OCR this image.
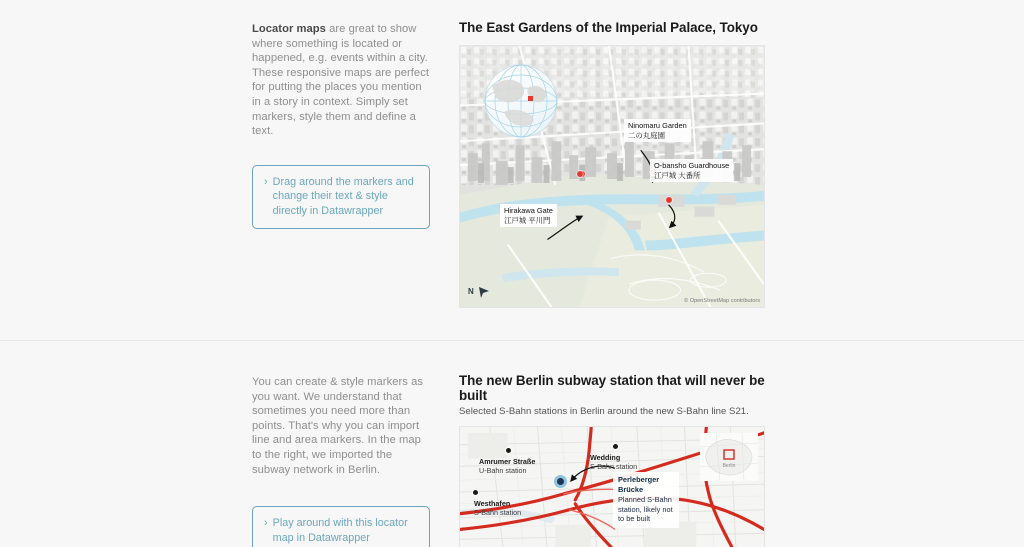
Locator maps are great to show where something is located or happened, e.g. events within a city. These responsive maps are perfect for putting the places you mention in a story in context. Simply set markers, style them and define a text.

› Drag around the markers and change their text & style directly in Datawrapper
The East Gardens of the Imperial Palace, Tokyo
Ninomaru Garden
二の丸庭園
O-bansho Guardhouse
江戸城 大番所
Hirakawa Gate
江戸城 平川門
N
© OpenStreetMap contributors

You can create & style markers as you want. We understand that sometimes you need more than points. That's why you can import line and area markers. In the map to the right, we imported the subway network in Berlin.

› Play around with this locator map in Datawrapper
The new Berlin subway station that will never be built
Selected S-Bahn stations in Berlin around the new S-Bahn line S21.
Berlin
Amrumer Straße
U-Bahn station
Wedding
S-Bahn station
Westhafen
S-Bahn station
Perleberger
Brücke
Planned S-Bahn station, likely not to be built
